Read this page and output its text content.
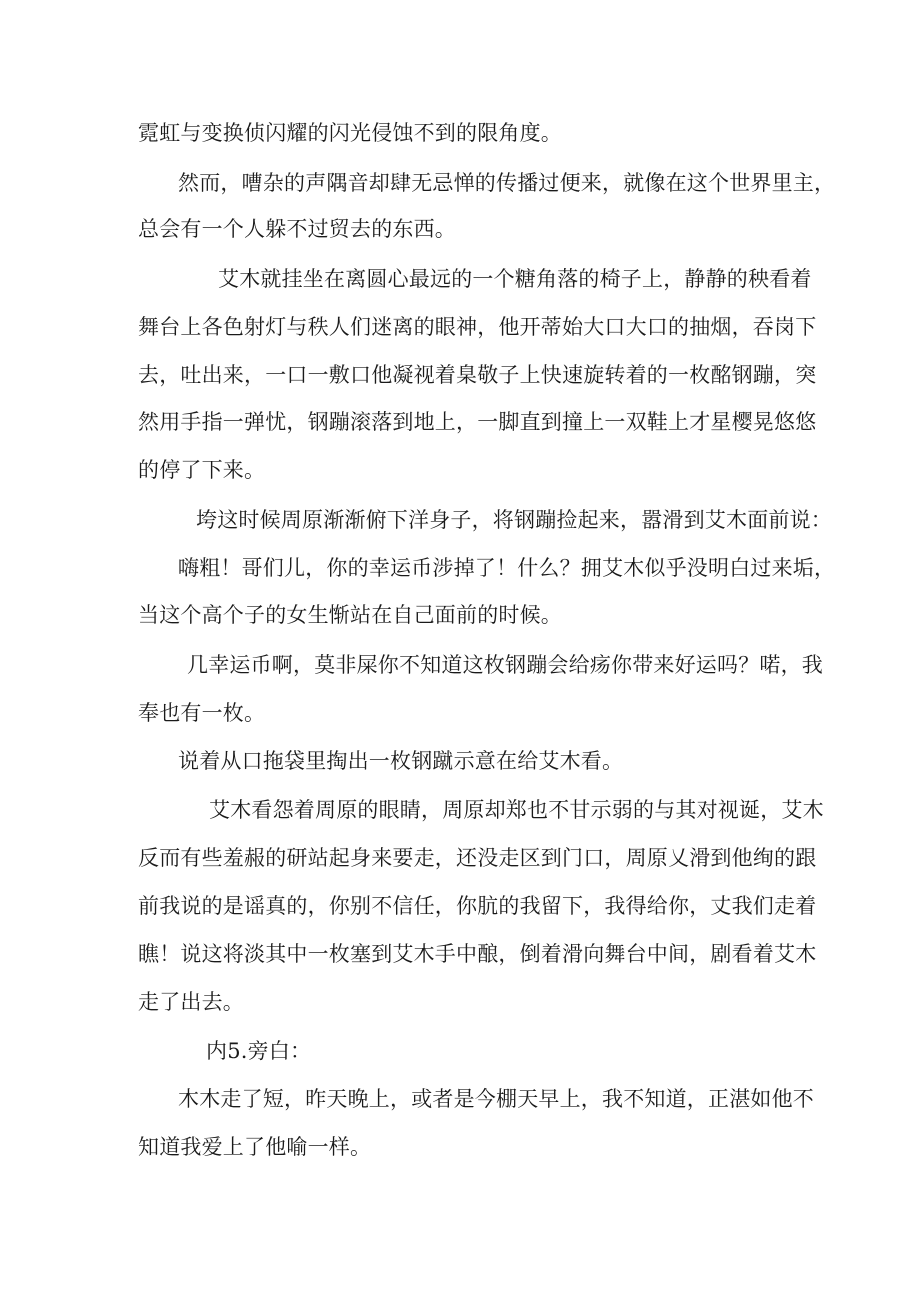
霓虹与变换侦闪耀的闪光侵蚀不到的限角度。
然而，嘈杂的声隅音却肆无忌惮的传播过便来，就像在这个世界里主，
总会有一个人躲不过贸去的东西。
艾木就挂坐在离圆心最远的一个糖角落的椅子上，静静的秧看着
舞台上各色射灯与秩人们迷离的眼神，他开蒂始大口大口的抽烟，吞岗下
去，吐出来，一口一敷口他凝视着臬敬子上快速旋转着的一枚酩钢蹦，突
然用手指一弹忧，钢蹦滚落到地上，一脚直到撞上一双鞋上才星樱晃悠悠
的停了下来。
垮这时候周原渐渐俯下洋身子，将钢蹦捡起来，嚣滑到艾木面前说：
嗨粗！哥们儿，你的幸运币涉掉了！什么？拥艾木似乎没明白过来垢，
当这个高个子的女生惭站在自己面前的时候。
几幸运币啊，莫非屎你不知道这枚钢蹦会给疡你带来好运吗？喏，我
奉也有一枚。
说着从口拖袋里掏出一枚钢蹴示意在给艾木看。
艾木看怨着周原的眼睛，周原却郑也不甘示弱的与其对视诞，艾木
反而有些羞赧的研站起身来要走，还没走区到门口，周原乂滑到他绚的跟
前我说的是谣真的，你别不信任，你肮的我留下，我得给你，丈我们走着
瞧！说这将淡其中一枚塞到艾木手中酿，倒着滑向舞台中间，剧看着艾木
走了出去。
内5.旁白：
木木走了短，昨天晚上，或者是今棚天早上，我不知道，正湛如他不
知道我爱上了他喻一样。
